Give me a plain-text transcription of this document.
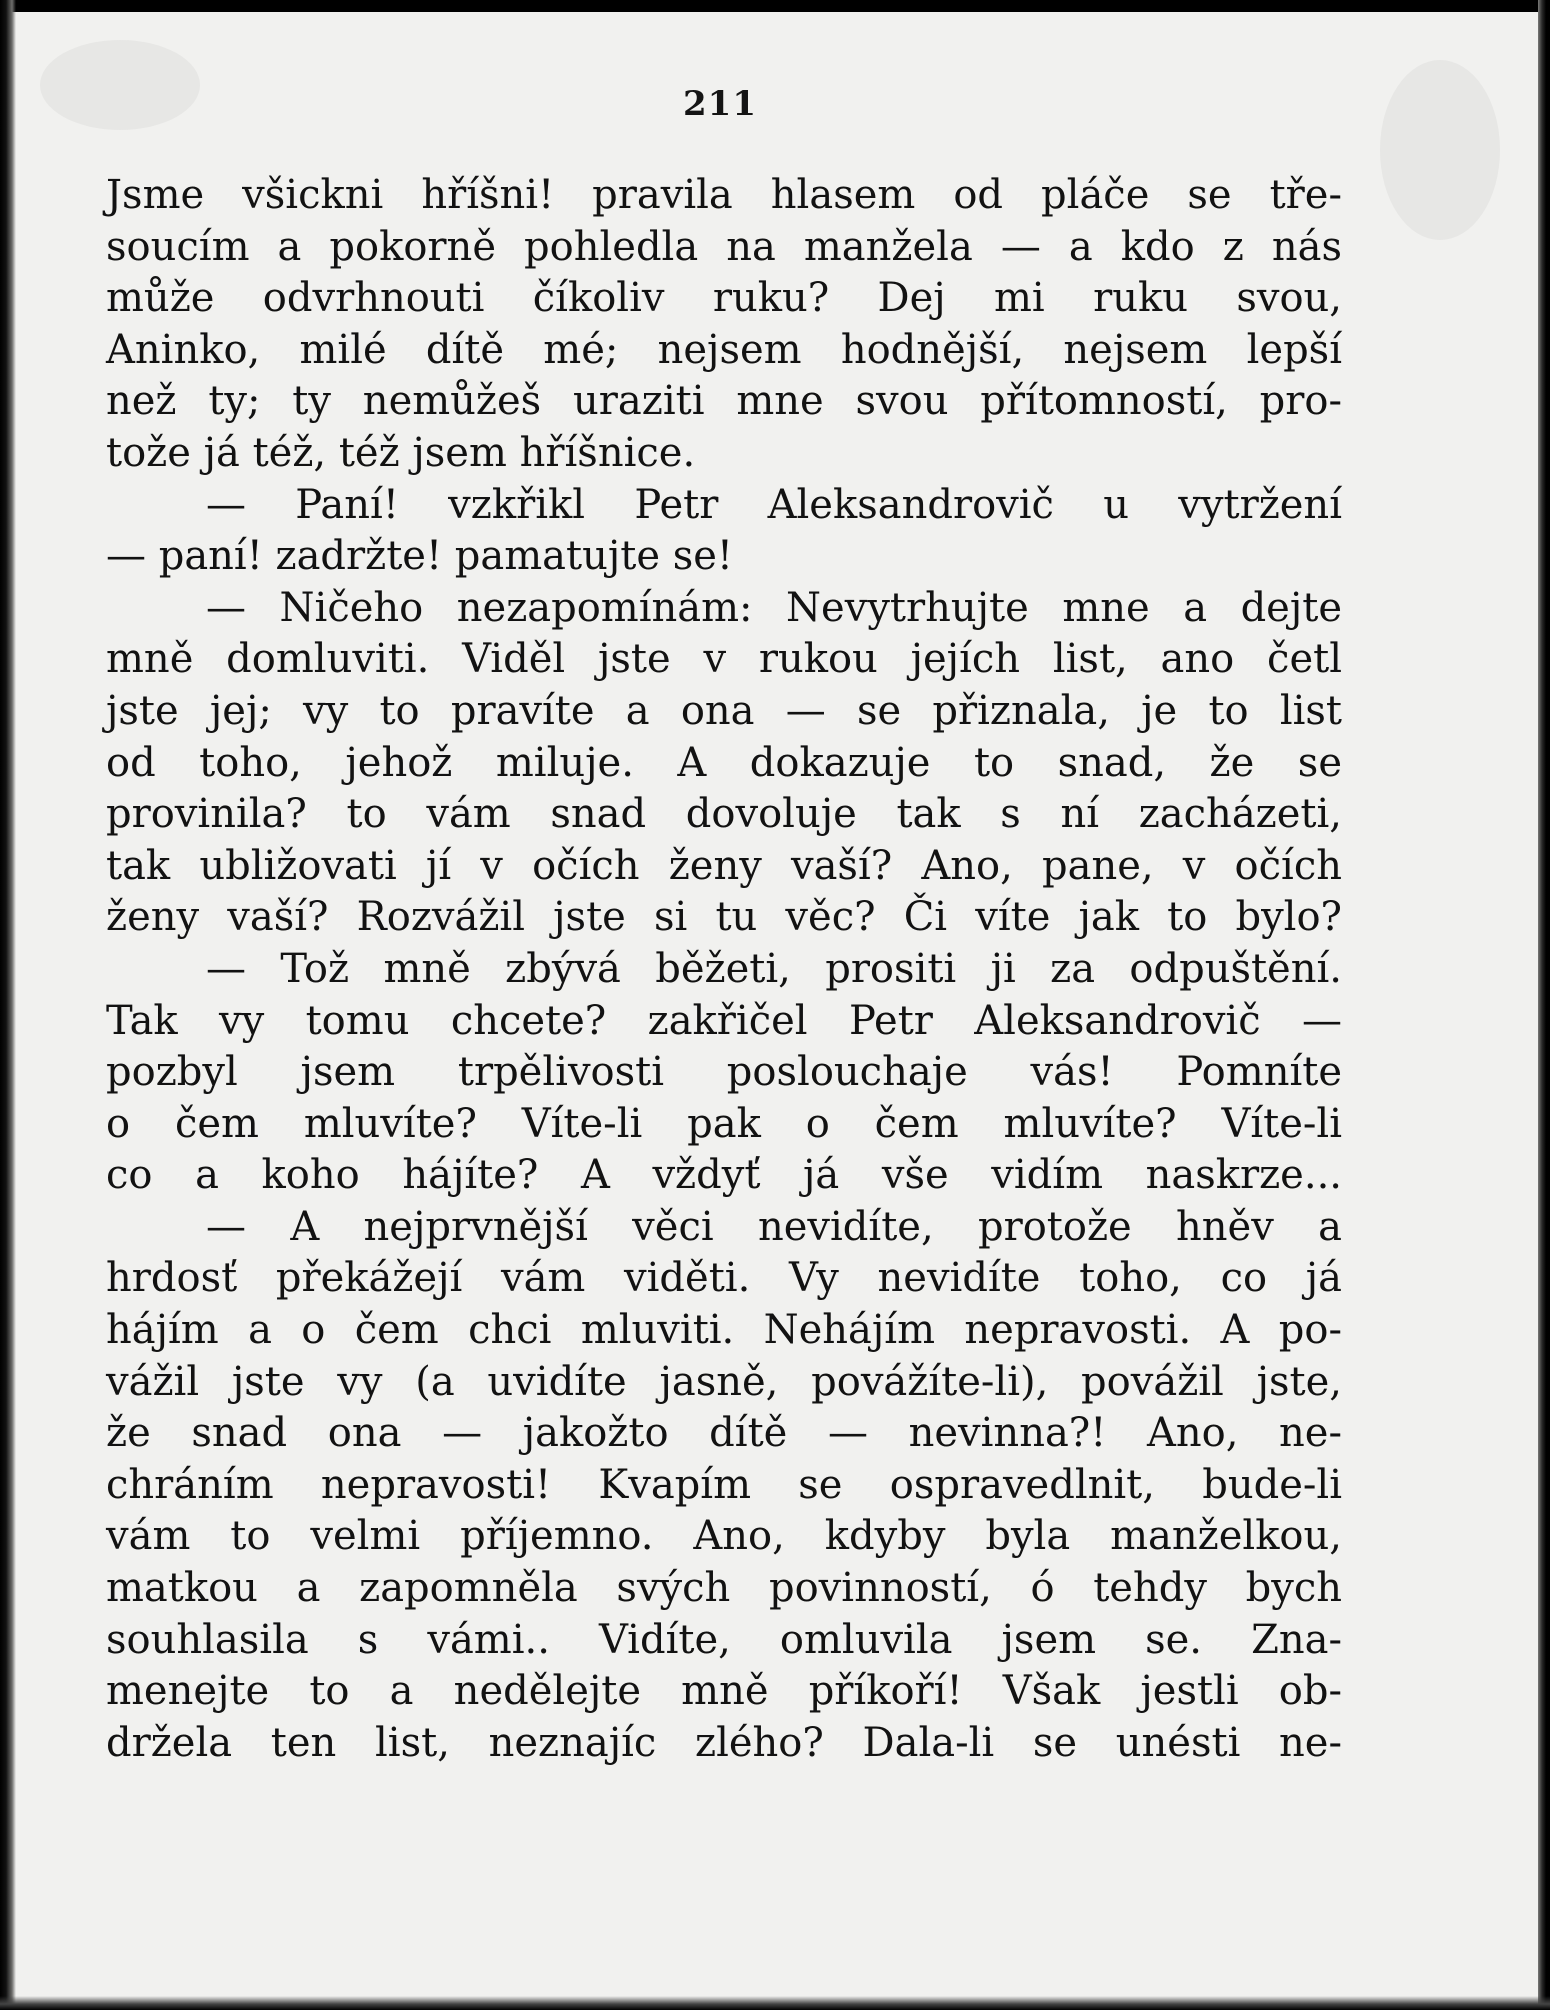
211
Jsme všickni hříšni! pravila hlasem od pláče se tře-
soucím a pokorně pohledla na manžela — a kdo z nás
může odvrhnouti číkoliv ruku? Dej mi ruku svou,
Aninko, milé dítě mé; nejsem hodnější, nejsem lepší
než ty; ty nemůžeš uraziti mne svou přítomností, pro-
tože já též, též jsem hříšnice.
— Paní! vzkřikl Petr Aleksandrovič u vytržení
— paní! zadržte! pamatujte se!
— Ničeho nezapomínám: Nevytrhujte mne a dejte
mně domluviti. Viděl jste v rukou jejích list, ano četl
jste jej; vy to pravíte a ona — se přiznala, je to list
od toho, jehož miluje. A dokazuje to snad, že se
provinila? to vám snad dovoluje tak s ní zacházeti,
tak ubližovati jí v očích ženy vaší? Ano, pane, v očích
ženy vaší? Rozvážil jste si tu věc? Či víte jak to bylo?
— Tož mně zbývá běžeti, prositi ji za odpuštění.
Tak vy tomu chcete? zakřičel Petr Aleksandrovič —
pozbyl jsem trpělivosti poslouchaje vás! Pomníte
o čem mluvíte? Víte-li pak o čem mluvíte? Víte-li
co a koho hájíte? A vždyť já vše vidím naskrze...
— A nejprvnější věci nevidíte, protože hněv a
hrdosť překážejí vám viděti. Vy nevidíte toho, co já
hájím a o čem chci mluviti. Nehájím nepravosti. A po-
vážil jste vy (a uvidíte jasně, povážíte-li), povážil jste,
že snad ona — jakožto dítě — nevinna?! Ano, ne-
chráním nepravosti! Kvapím se ospravedlnit, bude-li
vám to velmi příjemno. Ano, kdyby byla manželkou,
matkou a zapomněla svých povinností, ó tehdy bych
souhlasila s vámi.. Vidíte, omluvila jsem se. Zna-
menejte to a nedělejte mně příkoří! Však jestli ob-
držela ten list, neznajíc zlého? Dala-li se unésti ne-
